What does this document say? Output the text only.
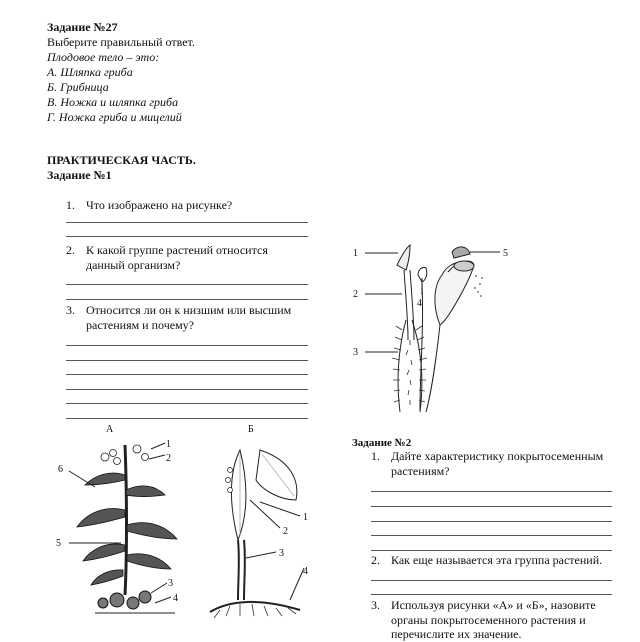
Задание №27
Выберите правильный ответ.
Плодовое тело – это:
А. Шляпка гриба
Б. Грибница
В. Ножка и шляпка гриба
Г. Ножка гриба и мицелий
ПРАКТИЧЕСКАЯ ЧАСТЬ.
Задание №1
1. Что изображено на рисунке?
2. К какой группе растений относится
данный организм?
3. Относится ли он к низшим или высшим
растениям и почему?
1
2
3
4
5
А	Б
1
2
3
4
5
6
1
2
3
4
Задание №2
1. Дайте характеристику покрытосеменным
растениям?
2. Как еще называется эта группа растений.
3. Используя рисунки «А» и «Б», назовите
органы покрытосеменного растения и
перечислите их значение.
